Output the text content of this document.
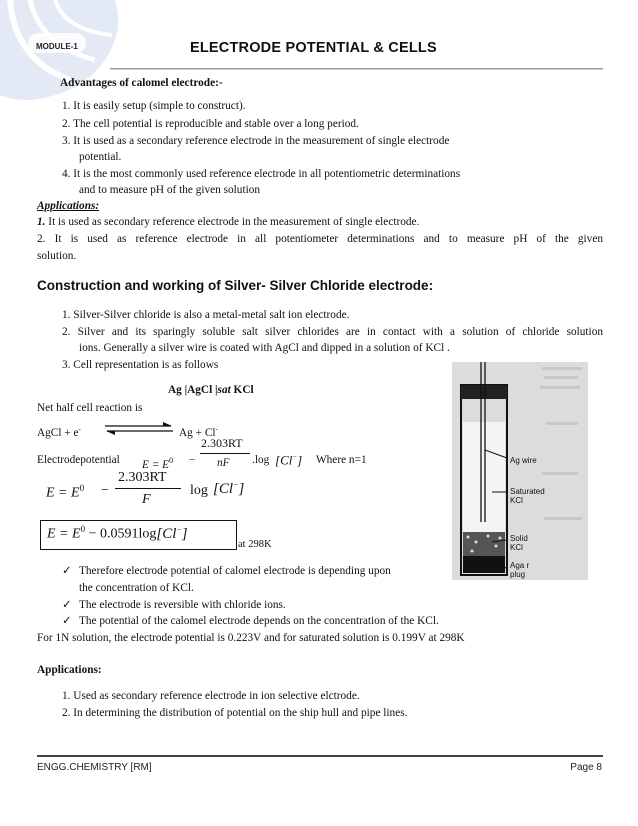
MODULE-1	ELECTRODE POTENTIAL & CELLS
Advantages of calomel electrode:-
1. It is easily setup (simple to construct).
2. The cell potential is reproducible and stable over a long period.
3. It is used as a secondary reference electrode in the measurement of single electrode
potential.
4. It is the most commonly used reference electrode in all potentiometric determinations
and to measure pH of the given solution
Applications:
1. It is used as secondary reference electrode in the measurement of single electrode.
2. It is used as reference electrode in all potentiometer determinations and to measure pH of the given
solution.
Construction and working of Silver- Silver Chloride electrode:
1. Silver-Silver chloride is also a metal-metal salt ion electrode.
2. Silver and its sparingly soluble salt silver chlorides are in contact with a solution of chloride solution
ions. Generally a silver wire is coated with AgCl and dipped in a solution of KCl .
3. Cell representation is as follows
Ag |AgCl |sat KCl
Net half cell reaction is
AgCl + e-	Ag + Cl-
Electrodepotential $E = E^0$ −
2.303RT
nF .log [Cl−] Where n=1
$E = E^0$ −
2.303RT
F
log [Cl−]
$E = E^0 - 0.0591\log[Cl^-]$
at 298K
✓ Therefore electrode potential of calomel electrode is depending upon
the concentration of KCl.
✓ The electrode is reversible with chloride ions.
✓ The potential of the calomel electrode depends on the concentration of the KCl.
For 1N solution, the electrode potential is 0.223V and for saturated solution is 0.199V at 298K
Ag wire
Saturated
KCl
Solid
KCl
Aga r
plug
Applications:
1. Used as secondary reference electrode in ion selective elctrode.
2. In determining the distribution of potential on the ship hull and pipe lines.
ENGG.CHEMISTRY [RM]	Page 8
